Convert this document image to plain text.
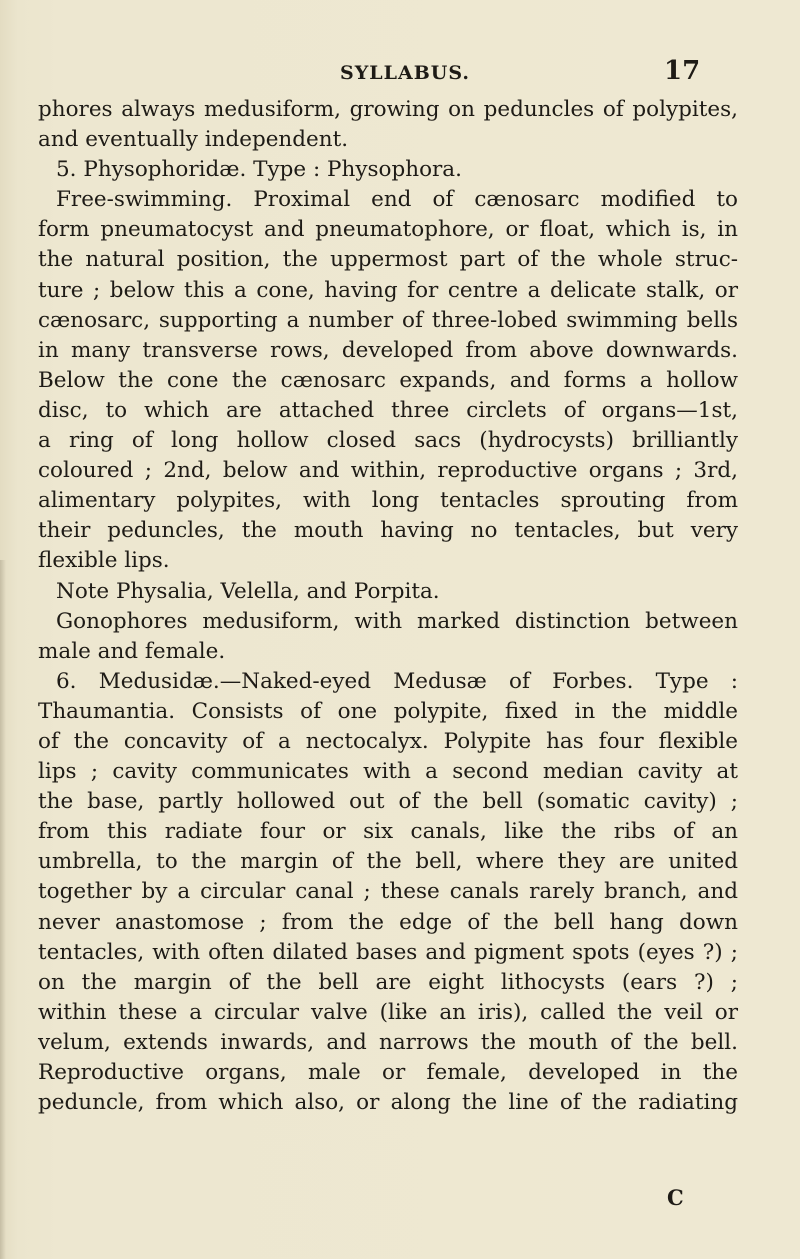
SYLLABUS.	17
phores always medusiform, growing on peduncles of polypites,
and eventually independent.
5. Physophoridæ. Type : Physophora.
Free-swimming. Proximal end of cænosarc modified to
form pneumatocyst and pneumatophore, or float, which is, in
the natural position, the uppermost part of the whole struc-
ture ; below this a cone, having for centre a delicate stalk, or
cænosarc, supporting a number of three-lobed swimming bells
in many transverse rows, developed from above downwards.
Below the cone the cænosarc expands, and forms a hollow
disc, to which are attached three circlets of organs—1st,
a ring of long hollow closed sacs (hydrocysts) brilliantly
coloured ; 2nd, below and within, reproductive organs ; 3rd,
alimentary polypites, with long tentacles sprouting from
their peduncles, the mouth having no tentacles, but very
flexible lips.
Note Physalia, Velella, and Porpita.
Gonophores medusiform, with marked distinction between
male and female.
6. Medusidæ.—Naked-eyed Medusæ of Forbes. Type :
Thaumantia. Consists of one polypite, fixed in the middle
of the concavity of a nectocalyx. Polypite has four flexible
lips ; cavity communicates with a second median cavity at
the base, partly hollowed out of the bell (somatic cavity) ;
from this radiate four or six canals, like the ribs of an
umbrella, to the margin of the bell, where they are united
together by a circular canal ; these canals rarely branch, and
never anastomose ; from the edge of the bell hang down
tentacles, with often dilated bases and pigment spots (eyes ?) ;
on the margin of the bell are eight lithocysts (ears ?) ;
within these a circular valve (like an iris), called the veil or
velum, extends inwards, and narrows the mouth of the bell.
Reproductive organs, male or female, developed in the
peduncle, from which also, or along the line of the radiating
C
